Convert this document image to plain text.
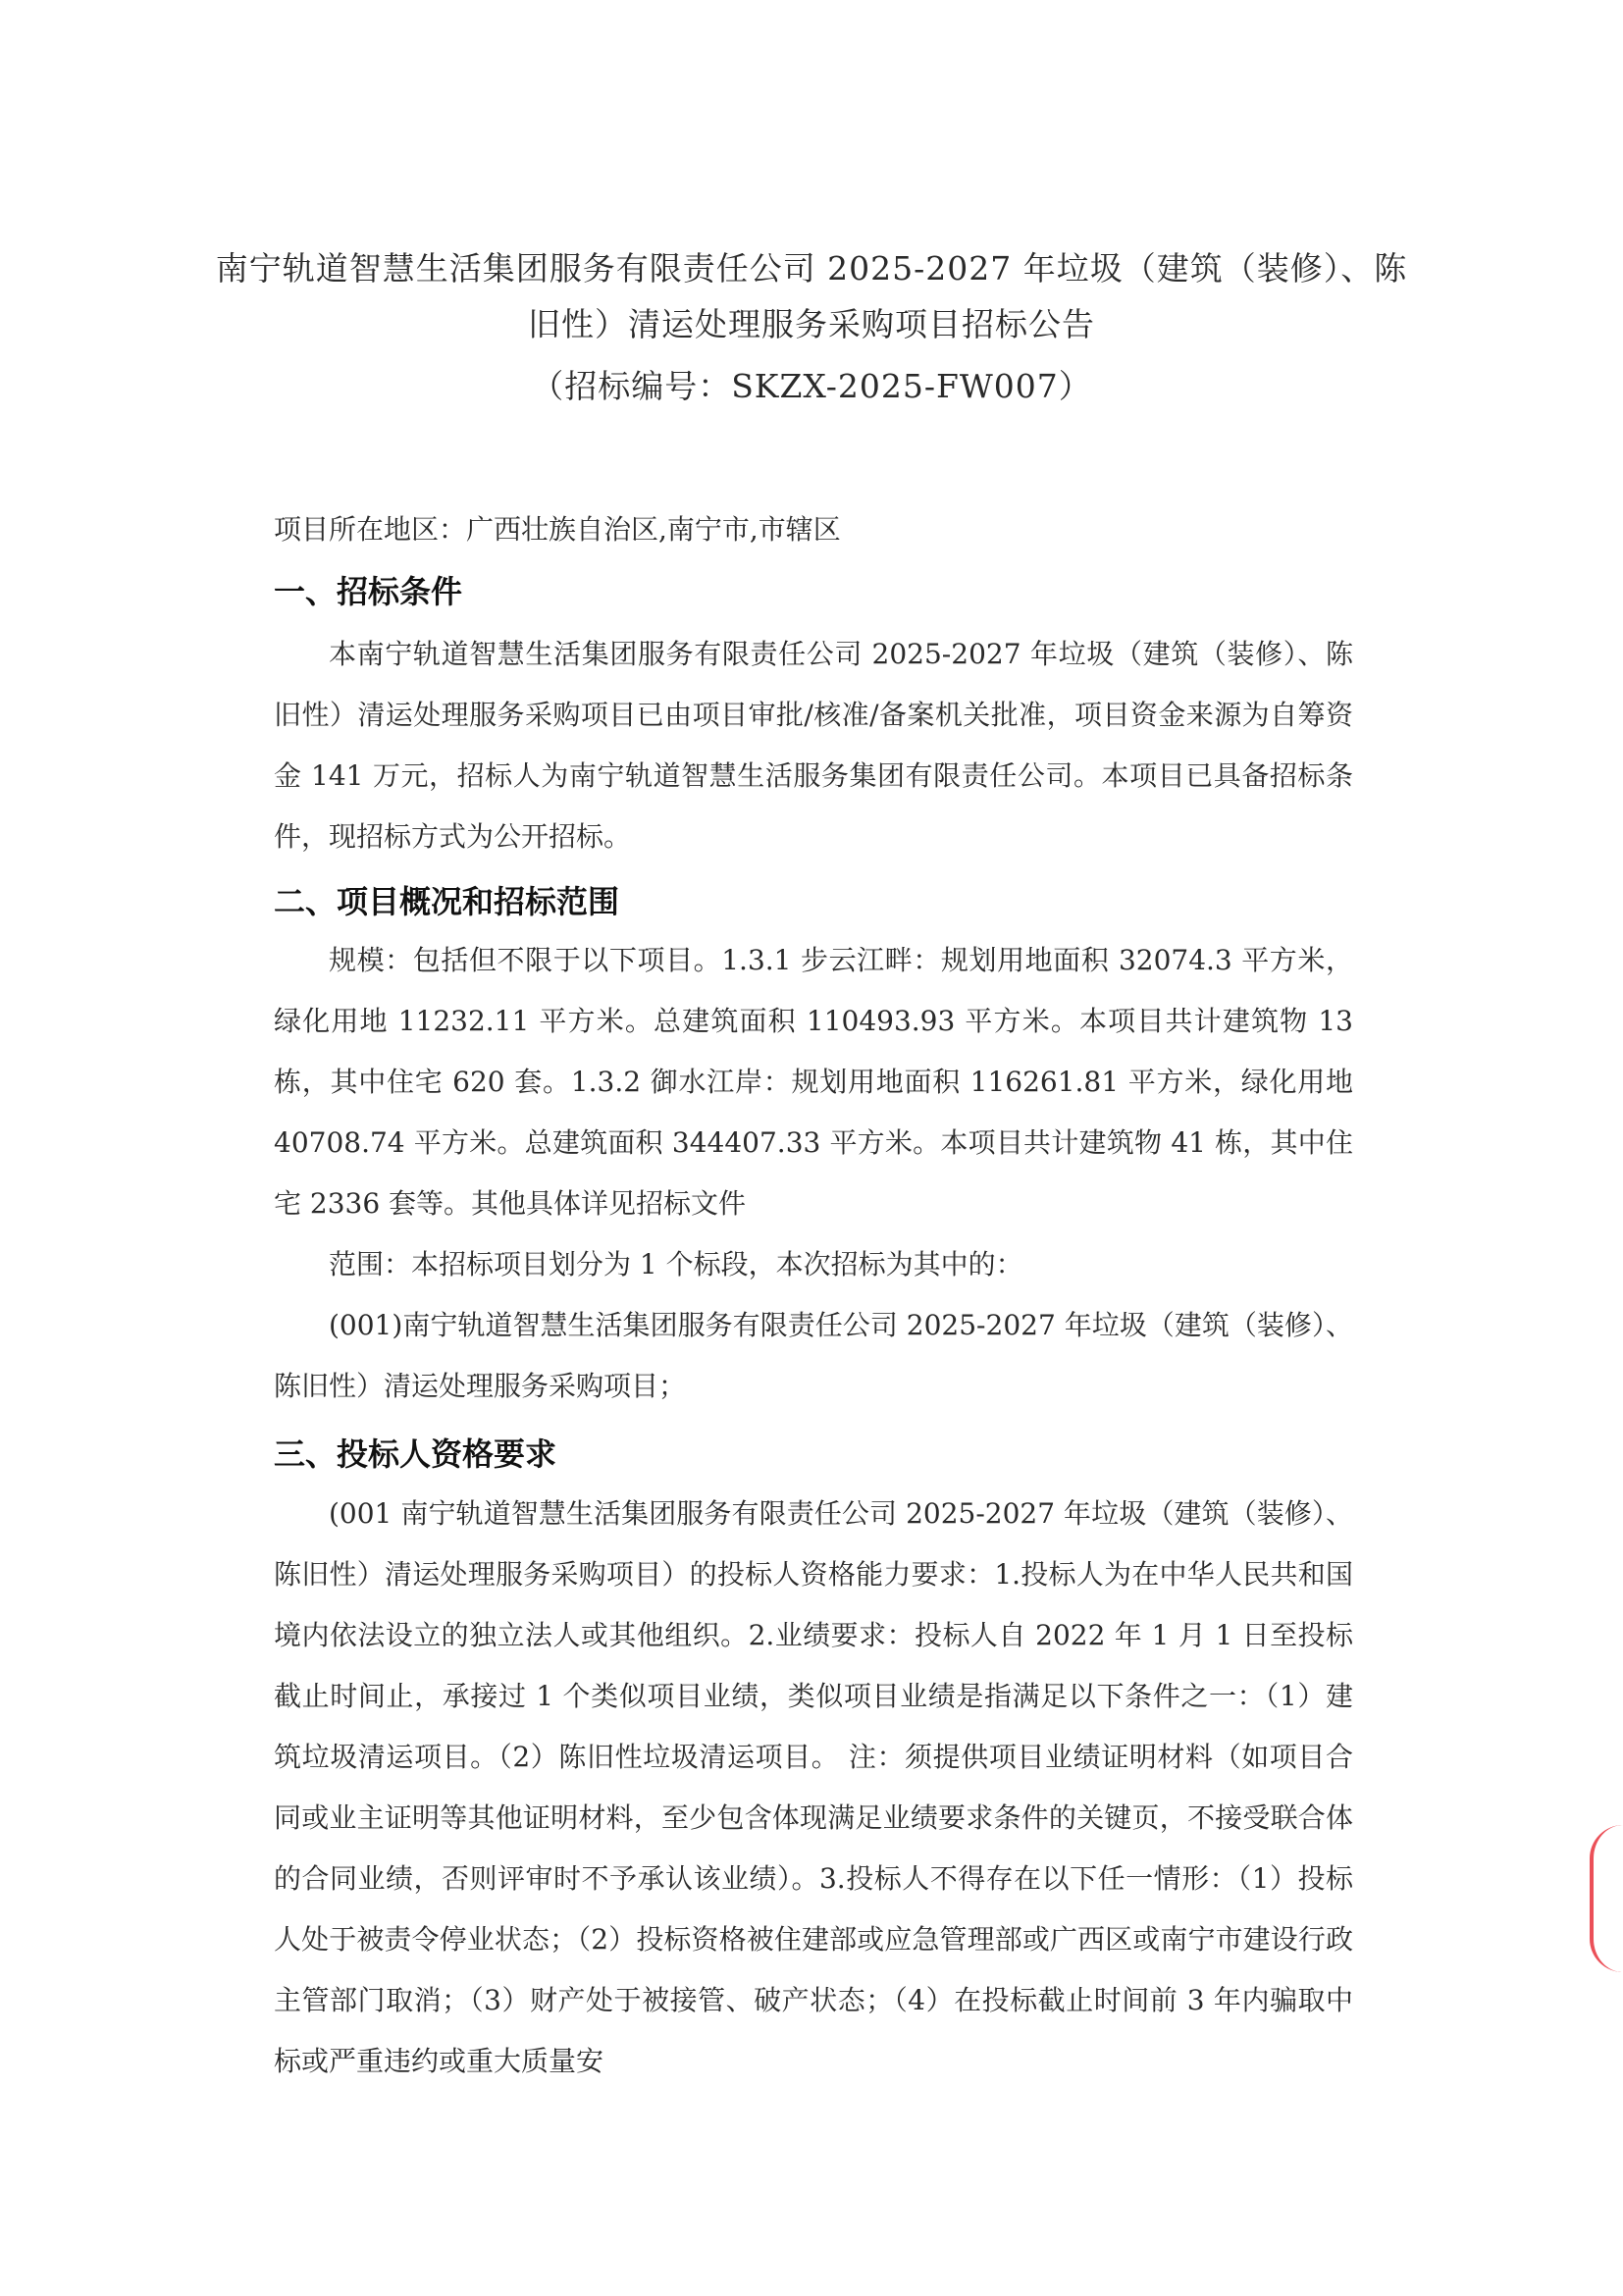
南宁轨道智慧生活集团服务有限责任公司 2025-2027 年垃圾（建筑（装修）、陈
旧性）清运处理服务采购项目招标公告
（招标编号：SKZX-2025-FW007）
项目所在地区：广西壮族自治区,南宁市,市辖区
一、招标条件

本南宁轨道智慧生活集团服务有限责任公司 2025-2027 年垃圾（建筑（装修）、陈旧性）清运处理服务采购项目已由项目审批/核准/备案机关批准，项目资金来源为自筹资金 141 万元，招标人为南宁轨道智慧生活服务集团有限责任公司。本项目已具备招标条件，现招标方式为公开招标。

二、项目概况和招标范围

规模：包括但不限于以下项目。1.3.1 步云江畔：规划用地面积 32074.3 平方米，绿化用地 11232.11 平方米。总建筑面积 110493.93 平方米。本项目共计建筑物 13 栋，其中住宅 620 套。1.3.2 御水江岸：规划用地面积 116261.81 平方米，绿化用地 40708.74 平方米。总建筑面积 344407.33 平方米。本项目共计建筑物 41 栋，其中住宅 2336 套等。其他具体详见招标文件

范围：本招标项目划分为 1 个标段，本次招标为其中的：

(001)南宁轨道智慧生活集团服务有限责任公司 2025-2027 年垃圾（建筑（装修）、陈旧性）清运处理服务采购项目；

三、投标人资格要求

(001 南宁轨道智慧生活集团服务有限责任公司 2025-2027 年垃圾（建筑（装修）、陈旧性）清运处理服务采购项目）的投标人资格能力要求：1.投标人为在中华人民共和国境内依法设立的独立法人或其他组织。2.业绩要求：投标人自 2022 年 1 月 1 日至投标截止时间止，承接过 1 个类似项目业绩，类似项目业绩是指满足以下条件之一：（1）建筑垃圾清运项目。（2）陈旧性垃圾清运项目。 注：须提供项目业绩证明材料（如项目合同或业主证明等其他证明材料，至少包含体现满足业绩要求条件的关键页，不接受联合体的合同业绩，否则评审时不予承认该业绩）。3.投标人不得存在以下任一情形：（1）投标人处于被责令停业状态；（2）投标资格被住建部或应急管理部或广西区或南宁市建设行政主管部门取消；（3）财产处于被接管、破产状态；（4）在投标截止时间前 3 年内骗取中标或严重违约或重大质量安
